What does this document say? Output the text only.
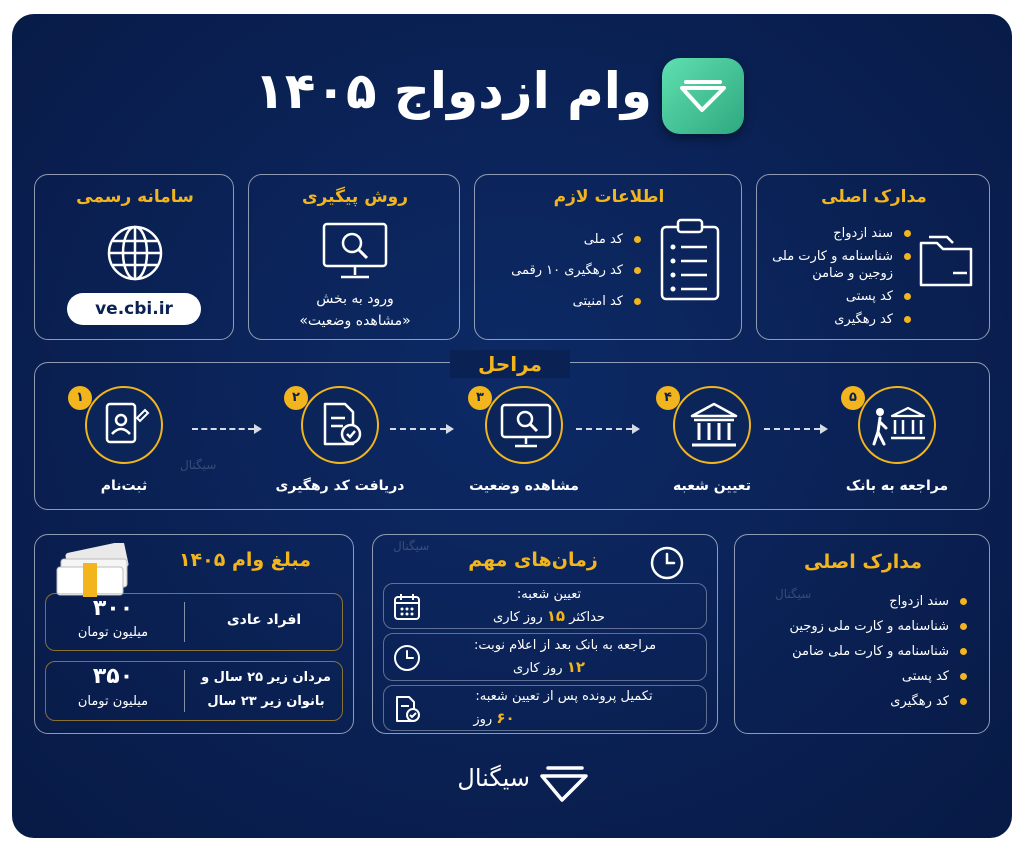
وام ازدواج ۱۴۰۵
سامانه رسمی
ve.cbi.ir
روش پیگیری
ورود به بخش
«مشاهده وضعیت»
اطلاعات لازم
کد ملی
کد رهگیری ۱۰ رقمی
کد امنیتی
مدارک اصلی
سند ازدواج
شناسنامه و کارت ملی زوجین و ضامن
کد پستی
کد رهگیری
مراحل
۱
ثبت‌نام
۲
دریافت کد رهگیری
۳
مشاهده وضعیت
۴
تعیین شعبه
۵
مراجعه به بانک
سیگنال
مبلغ وام ۱۴۰۵
۳۰۰
میلیون تومان
افراد عادی
۳۵۰
میلیون تومان
مردان زیر ۲۵ سال و
بانوان زیر ۲۳ سال
زمان‌های مهم
سیگنال
تعیین شعبه:
حداکثر ۱۵ روز کاری
مراجعه به بانک بعد از اعلام نوبت:
۱۲ روز کاری
تکمیل پرونده پس از تعیین شعبه:
۶۰ روز
مدارک اصلی
سیگنال	سند ازدواج
شناسنامه و کارت ملی زوجین
شناسنامه و کارت ملی ضامن
کد پستی
کد رهگیری
سیگنال
